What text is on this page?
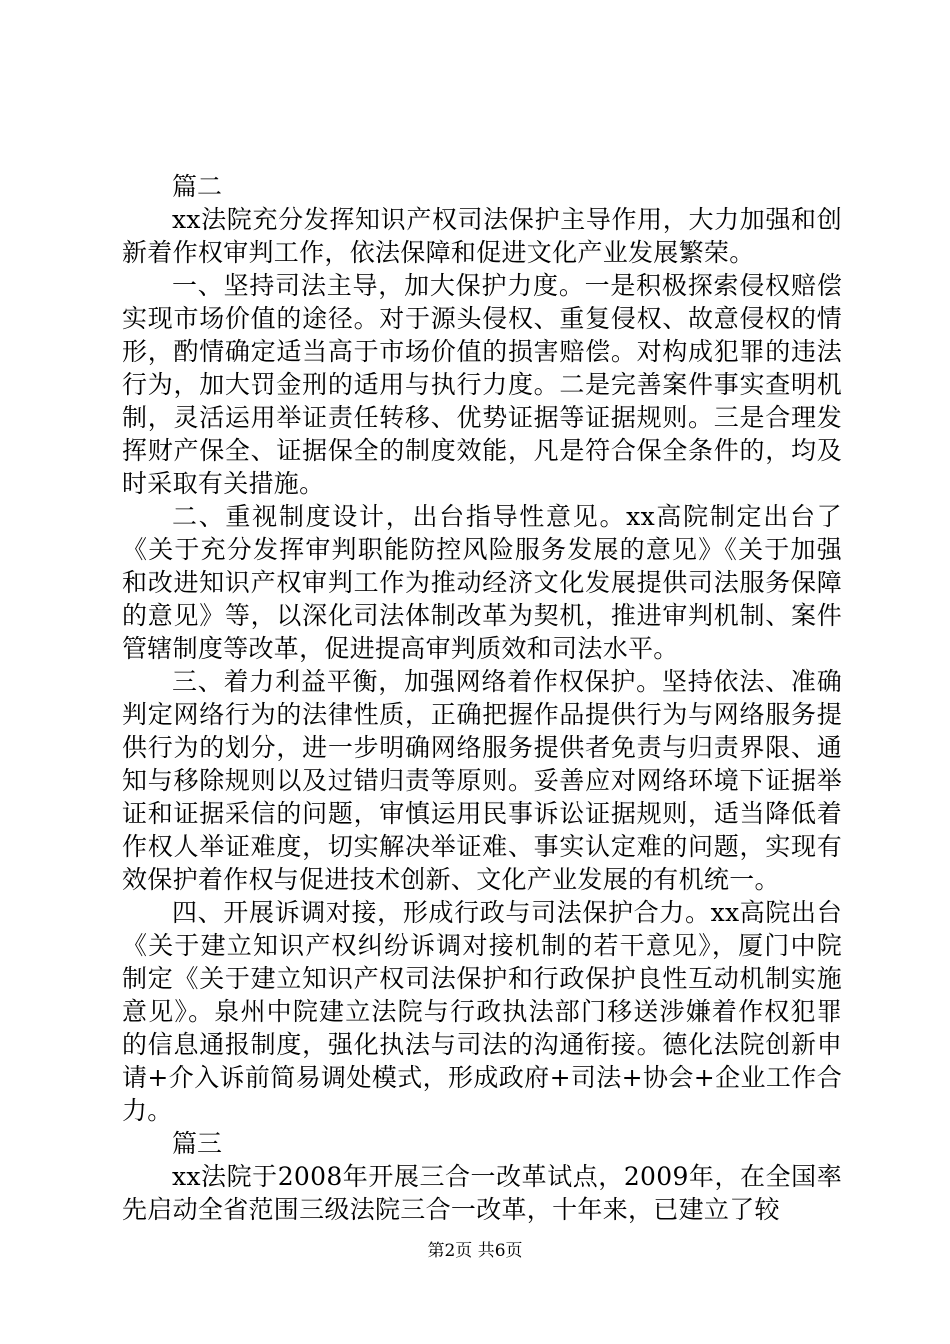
篇二

xx法院充分发挥知识产权司法保护主导作用，大力加强和创新着作权审判工作，依法保障和促进文化产业发展繁荣。

一、坚持司法主导，加大保护力度。一是积极探索侵权赔偿实现市场价值的途径。对于源头侵权、重复侵权、故意侵权的情形，酌情确定适当高于市场价值的损害赔偿。对构成犯罪的违法行为，加大罚金刑的适用与执行力度。二是完善案件事实查明机制，灵活运用举证责任转移、优势证据等证据规则。三是合理发挥财产保全、证据保全的制度效能，凡是符合保全条件的，均及时采取有关措施。

二、重视制度设计，出台指导性意见。xx高院制定出台了《关于充分发挥审判职能防控风险服务发展的意见》《关于加强和改进知识产权审判工作为推动经济文化发展提供司法服务保障的意见》等，以深化司法体制改革为契机，推进审判机制、案件管辖制度等改革，促进提高审判质效和司法水平。

三、着力利益平衡，加强网络着作权保护。坚持依法、准确判定网络行为的法律性质，正确把握作品提供行为与网络服务提供行为的划分，进一步明确网络服务提供者免责与归责界限、通知与移除规则以及过错归责等原则。妥善应对网络环境下证据举证和证据采信的问题，审慎运用民事诉讼证据规则，适当降低着作权人举证难度，切实解决举证难、事实认定难的问题，实现有效保护着作权与促进技术创新、文化产业发展的有机统一。

四、开展诉调对接，形成行政与司法保护合力。xx高院出台《关于建立知识产权纠纷诉调对接机制的若干意见》，厦门中院制定《关于建立知识产权司法保护和行政保护良性互动机制实施意见》。泉州中院建立法院与行政执法部门移送涉嫌着作权犯罪的信息通报制度，强化执法与司法的沟通衔接。德化法院创新申请+介入诉前简易调处模式，形成政府+司法+协会+企业工作合力。

篇三

xx法院于2008年开展三合一改革试点，2009年，在全国率先启动全省范围三级法院三合一改革，十年来，已建立了较

第2页 共6页
